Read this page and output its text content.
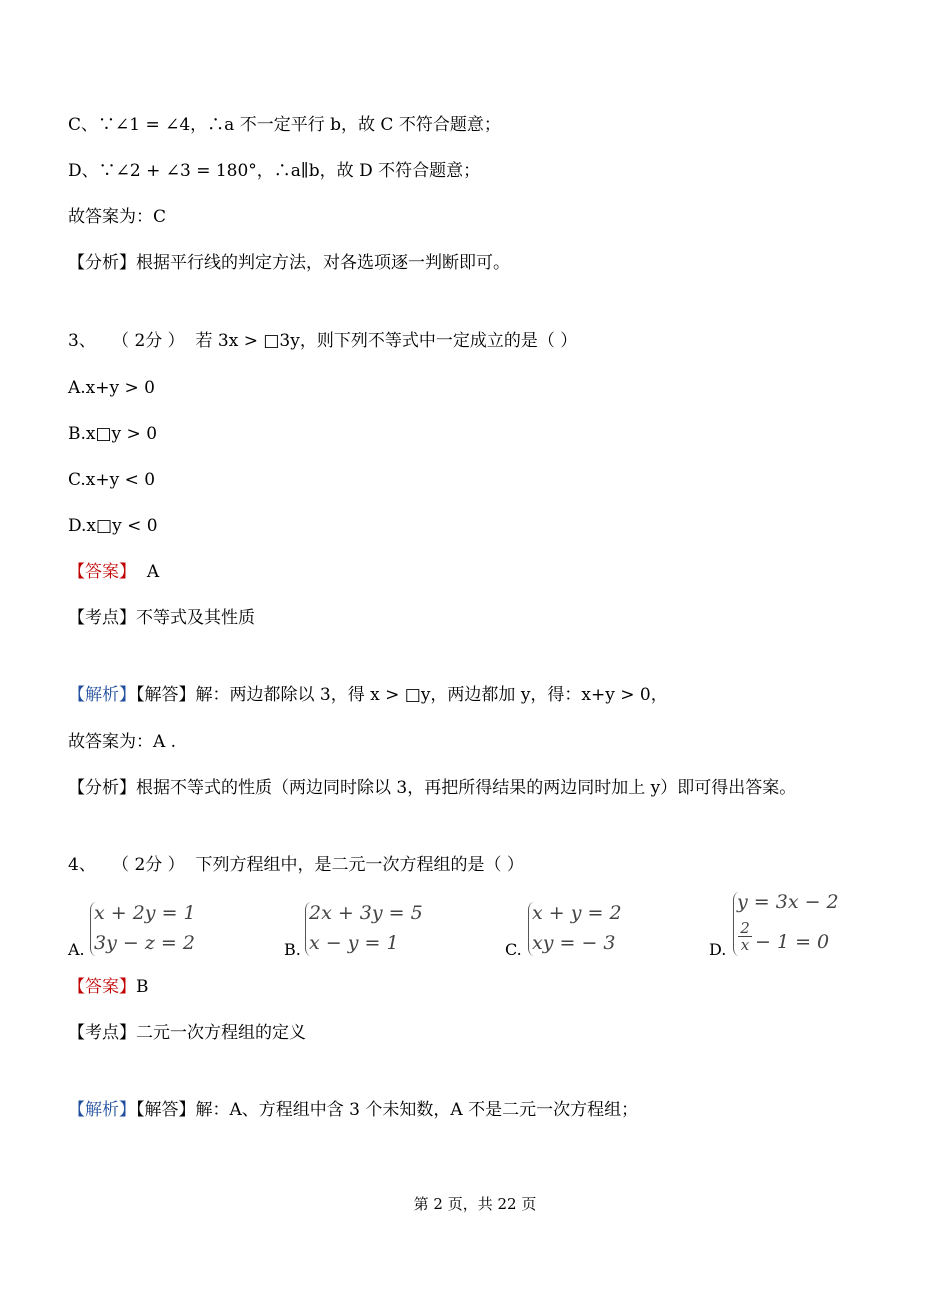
C、∵∠1 = ∠4，∴a 不一定平行 b，故 C 不符合题意；
D、∵∠2 + ∠3 = 180°，∴a∥b，故 D 不符合题意；
故答案为：C
【分析】根据平行线的判定方法，对各选项逐一判断即可。
3、 （ 2分 ） 若 3x > □3y，则下列不等式中一定成立的是（ ）
A.x+y > 0
B.x□y > 0
C.x+y < 0
D.x□y < 0
【答案】 A
【考点】不等式及其性质
【解析】【解答】解：两边都除以 3，得 x > □y，两边都加 y，得：x+y > 0，
故答案为：A .
【分析】根据不等式的性质（两边同时除以 3，再把所得结果的两边同时加上 y）即可得出答案。
4、 （ 2分 ） 下列方程组中，是二元一次方程组的是（ ）
A.
x + 2y = 1
3y − z = 2	B.
2x + 3y = 5
x − y = 1	C.
x + y = 2
xy = − 3	D.
y = 3x − 2
$\frac{2}{x} - 1 = 0$
【答案】B
【考点】二元一次方程组的定义
【解析】【解答】解：A、方程组中含 3 个未知数，A 不是二元一次方程组；
第 2 页，共 22 页
